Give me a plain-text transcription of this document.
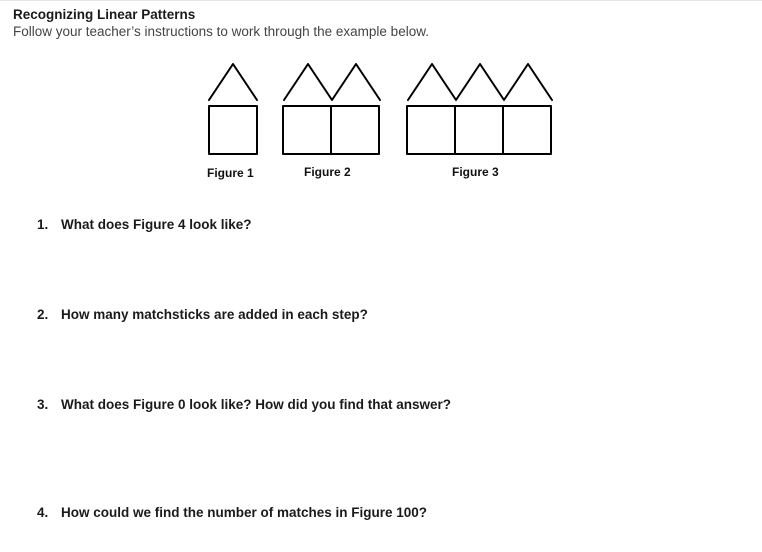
Recognizing Linear Patterns
Follow your teacher’s instructions to work through the example below.
Figure 1	Figure 2	Figure 3
1. What does Figure 4 look like?
2. How many matchsticks are added in each step?
3. What does Figure 0 look like? How did you find that answer?
4. How could we find the number of matches in Figure 100?
